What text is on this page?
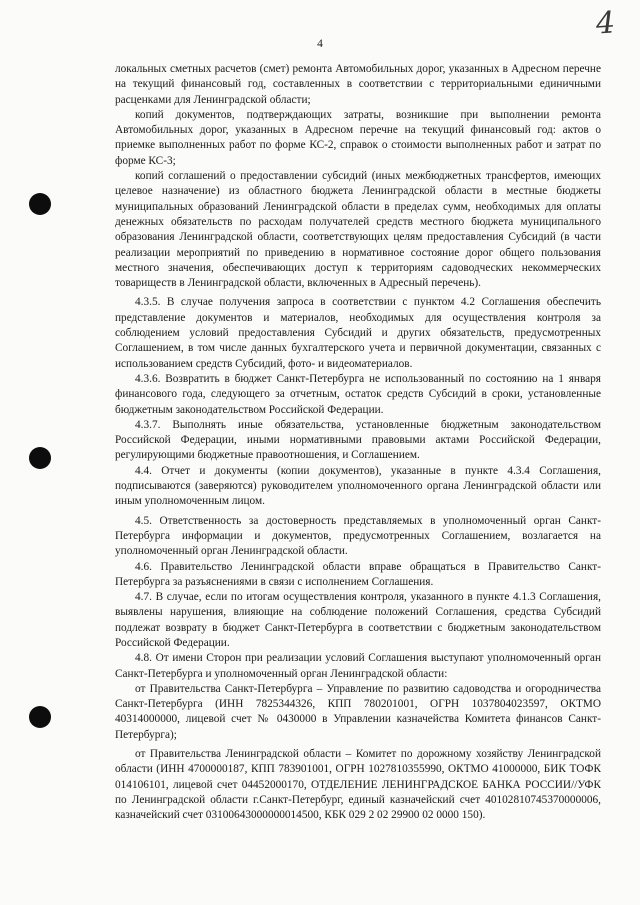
4
4

локальных сметных расчетов (смет) ремонта Автомобильных дорог, указанных в Адресном перечне на текущий финансовый год, составленных в соответствии с территориальными единичными расценками для Ленинградской области;

копий документов, подтверждающих затраты, возникшие при выполнении ремонта Автомобильных дорог, указанных в Адресном перечне на текущий финансовый год: актов о приемке выполненных работ по форме КС-2, справок о стоимости выполненных работ и затрат по форме КС-3;

копий соглашений о предоставлении субсидий (иных межбюджетных трансфертов, имеющих целевое назначение) из областного бюджета Ленинградской области в местные бюджеты муниципальных образований Ленинградской области в пределах сумм, необходимых для оплаты денежных обязательств по расходам получателей средств местного бюджета муниципального образования Ленинградской области, соответствующих целям предоставления Субсидий (в части реализации мероприятий по приведению в нормативное состояние дорог общего пользования местного значения, обеспечивающих доступ к территориям садоводческих некоммерческих товариществ в Ленинградской области, включенных в Адресный перечень).

4.3.5. В случае получения запроса в соответствии с пунктом 4.2 Соглашения обеспечить представление документов и материалов, необходимых для осуществления контроля за соблюдением условий предоставления Субсидий и других обязательств, предусмотренных Соглашением, в том числе данных бухгалтерского учета и первичной документации, связанных с использованием средств Субсидий, фото- и видеоматериалов.

4.3.6. Возвратить в бюджет Санкт-Петербурга не использованный по состоянию на 1 января финансового года, следующего за отчетным, остаток средств Субсидий в сроки, установленные бюджетным законодательством Российской Федерации.

4.3.7. Выполнять иные обязательства, установленные бюджетным законодательством Российской Федерации, иными нормативными правовыми актами Российской Федерации, регулирующими бюджетные правоотношения, и Соглашением.

4.4. Отчет и документы (копии документов), указанные в пункте 4.3.4 Соглашения, подписываются (заверяются) руководителем уполномоченного органа Ленинградской области или иным уполномоченным лицом.

4.5. Ответственность за достоверность представляемых в уполномоченный орган Санкт-Петербурга информации и документов, предусмотренных Соглашением, возлагается на уполномоченный орган Ленинградской области.

4.6. Правительство Ленинградской области вправе обращаться в Правительство Санкт-Петербурга за разъяснениями в связи с исполнением Соглашения.

4.7. В случае, если по итогам осуществления контроля, указанного в пункте 4.1.3 Соглашения, выявлены нарушения, влияющие на соблюдение положений Соглашения, средства Субсидий подлежат возврату в бюджет Санкт-Петербурга в соответствии с бюджетным законодательством Российской Федерации.

4.8. От имени Сторон при реализации условий Соглашения выступают уполномоченный орган Санкт-Петербурга и уполномоченный орган Ленинградской области:

от Правительства Санкт-Петербурга – Управление по развитию садоводства и огородничества Санкт-Петербурга (ИНН 7825344326, КПП 780201001, ОГРН 1037804023597, ОКТМО 40314000000, лицевой счет № 0430000 в Управлении казначейства Комитета финансов Санкт-Петербурга);

от Правительства Ленинградской области – Комитет по дорожному хозяйству Ленинградской области (ИНН 4700000187, КПП 783901001, ОГРН 1027810355990, ОКТМО 41000000, БИК ТОФК 014106101, лицевой счет 04452000170, ОТДЕЛЕНИЕ ЛЕНИНГРАДСКОЕ БАНКА РОССИИ//УФК по Ленинградской области г.Санкт-Петербург, единый казначейский счет 40102810745370000006, казначейский счет 03100643000000014500, КБК 029 2 02 29900 02 0000 150).
